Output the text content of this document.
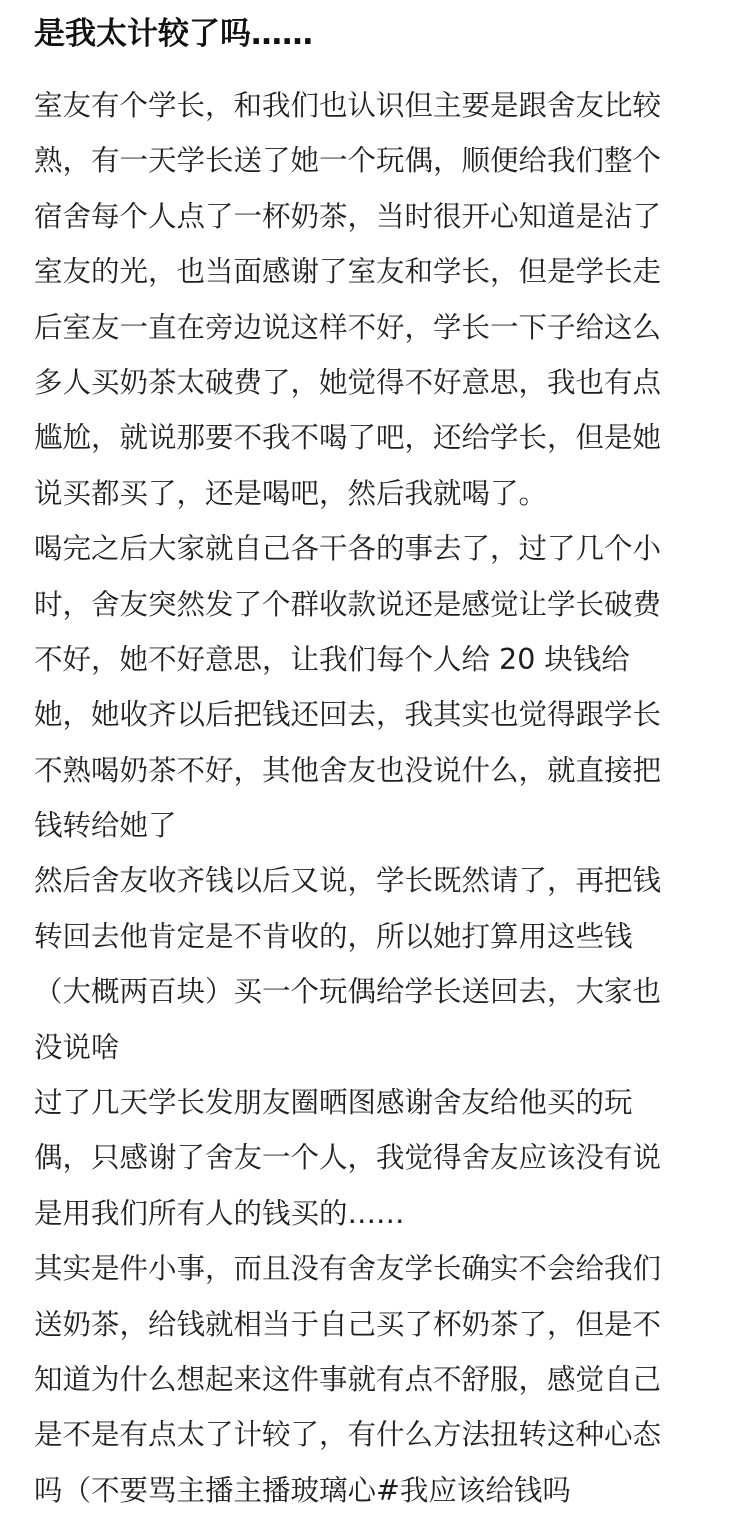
是我太计较了吗……
室友有个学长，和我们也认识但主要是跟舍友比较
熟，有一天学长送了她一个玩偶，顺便给我们整个
宿舍每个人点了一杯奶茶，当时很开心知道是沾了
室友的光，也当面感谢了室友和学长，但是学长走
后室友一直在旁边说这样不好，学长一下子给这么
多人买奶茶太破费了，她觉得不好意思，我也有点
尴尬，就说那要不我不喝了吧，还给学长，但是她
说买都买了，还是喝吧，然后我就喝了。
喝完之后大家就自己各干各的事去了，过了几个小
时，舍友突然发了个群收款说还是感觉让学长破费
不好，她不好意思，让我们每个人给 20 块钱给
她，她收齐以后把钱还回去，我其实也觉得跟学长
不熟喝奶茶不好，其他舍友也没说什么，就直接把
钱转给她了
然后舍友收齐钱以后又说，学长既然请了，再把钱
转回去他肯定是不肯收的，所以她打算用这些钱
（大概两百块）买一个玩偶给学长送回去，大家也
没说啥
过了几天学长发朋友圈晒图感谢舍友给他买的玩
偶，只感谢了舍友一个人，我觉得舍友应该没有说
是用我们所有人的钱买的……
其实是件小事，而且没有舍友学长确实不会给我们
送奶茶，给钱就相当于自己买了杯奶茶了，但是不
知道为什么想起来这件事就有点不舒服，感觉自己
是不是有点太了计较了，有什么方法扭转这种心态
吗（不要骂主播主播玻璃心#我应该给钱吗
